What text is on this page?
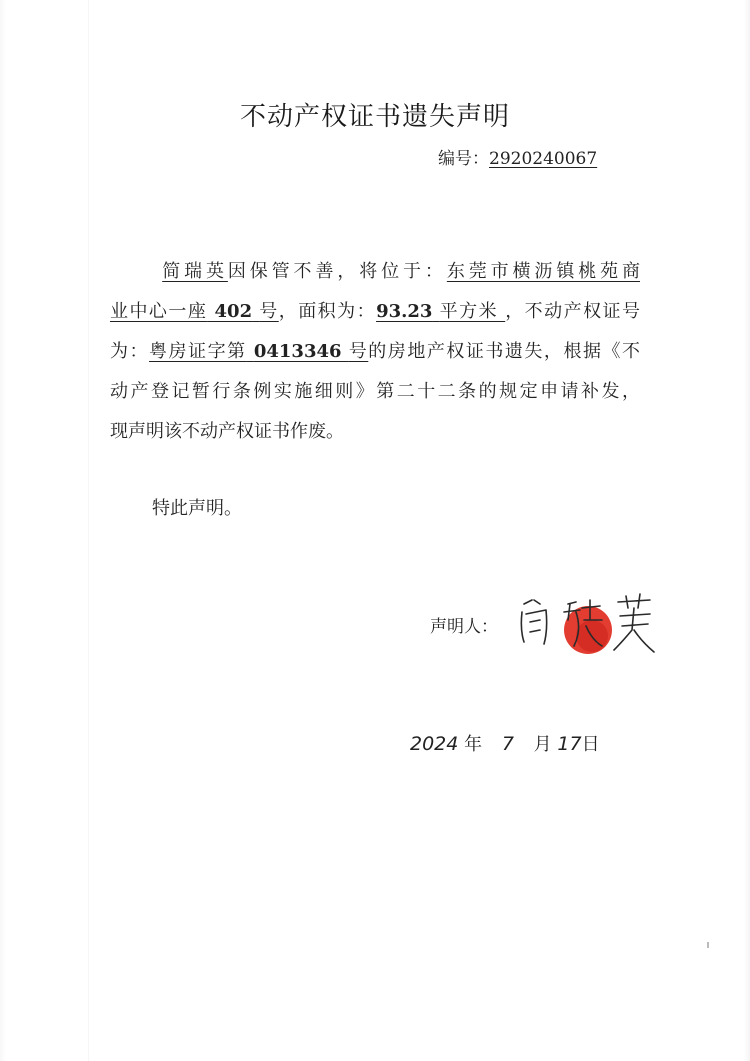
不动产权证书遗失声明
编号：2920240067
简瑞英因保管不善，将位于：东莞市横沥镇桃苑商
业中心一座 402 号，面积为：93.23 平方米 ，不动产权证号
为：粤房证字第 0413346 号的房地产权证书遗失，根据《不
动产登记暂行条例实施细则》第二十二条的规定申请补发，
现声明该不动产权证书作废。
特此声明。
声明人：
2024 年 7 月 17日
